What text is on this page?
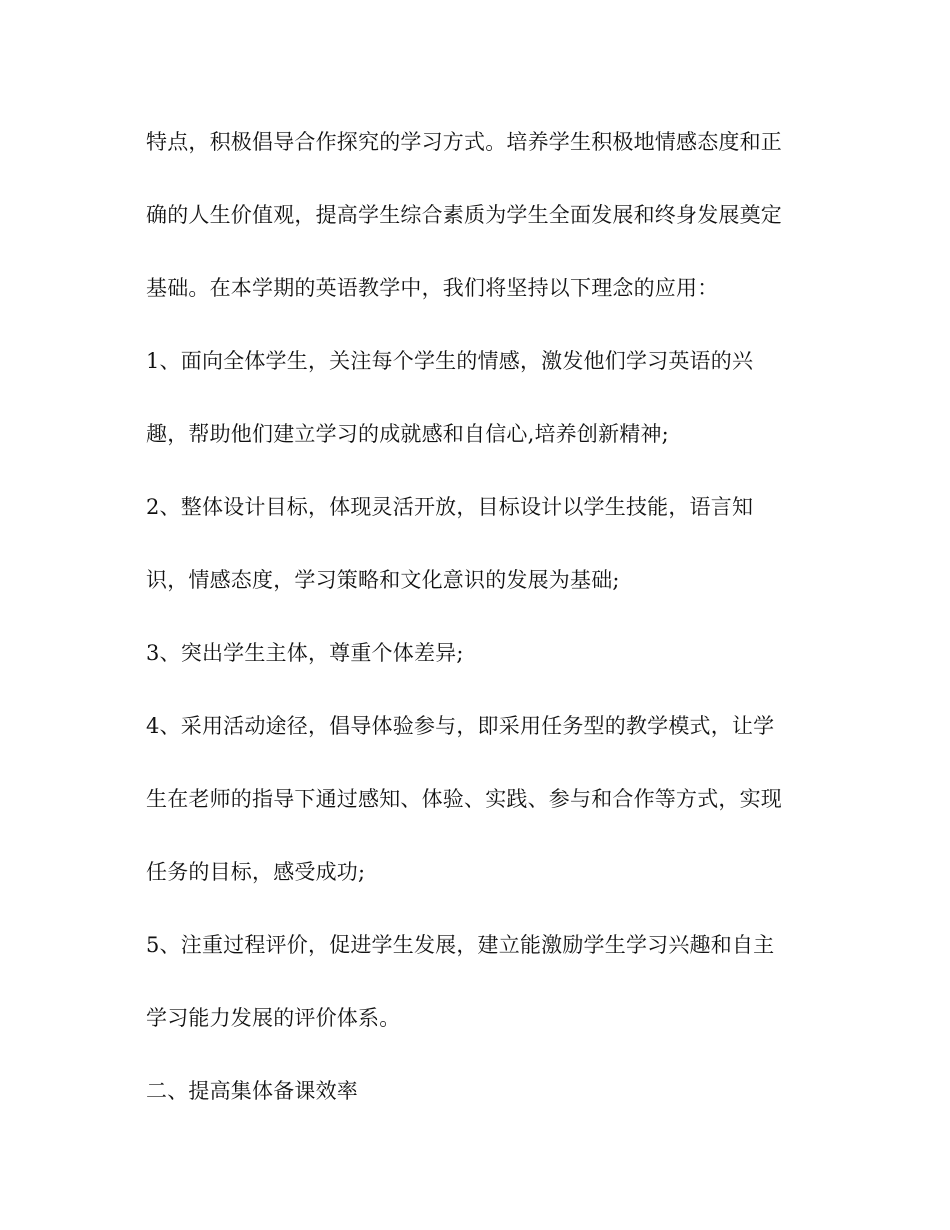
特点，积极倡导合作探究的学习方式。培养学生积极地情感态度和正
确的人生价值观，提高学生综合素质为学生全面发展和终身发展奠定
基础。在本学期的英语教学中，我们将坚持以下理念的应用：
1、面向全体学生，关注每个学生的情感，激发他们学习英语的兴
趣，帮助他们建立学习的成就感和自信心,培养创新精神;
2、整体设计目标，体现灵活开放，目标设计以学生技能，语言知
识，情感态度，学习策略和文化意识的发展为基础;
3、突出学生主体，尊重个体差异;
4、采用活动途径，倡导体验参与，即采用任务型的教学模式，让学
生在老师的指导下通过感知、体验、实践、参与和合作等方式，实现
任务的目标，感受成功;
5、注重过程评价，促进学生发展，建立能激励学生学习兴趣和自主
学习能力发展的评价体系。
二、提高集体备课效率
